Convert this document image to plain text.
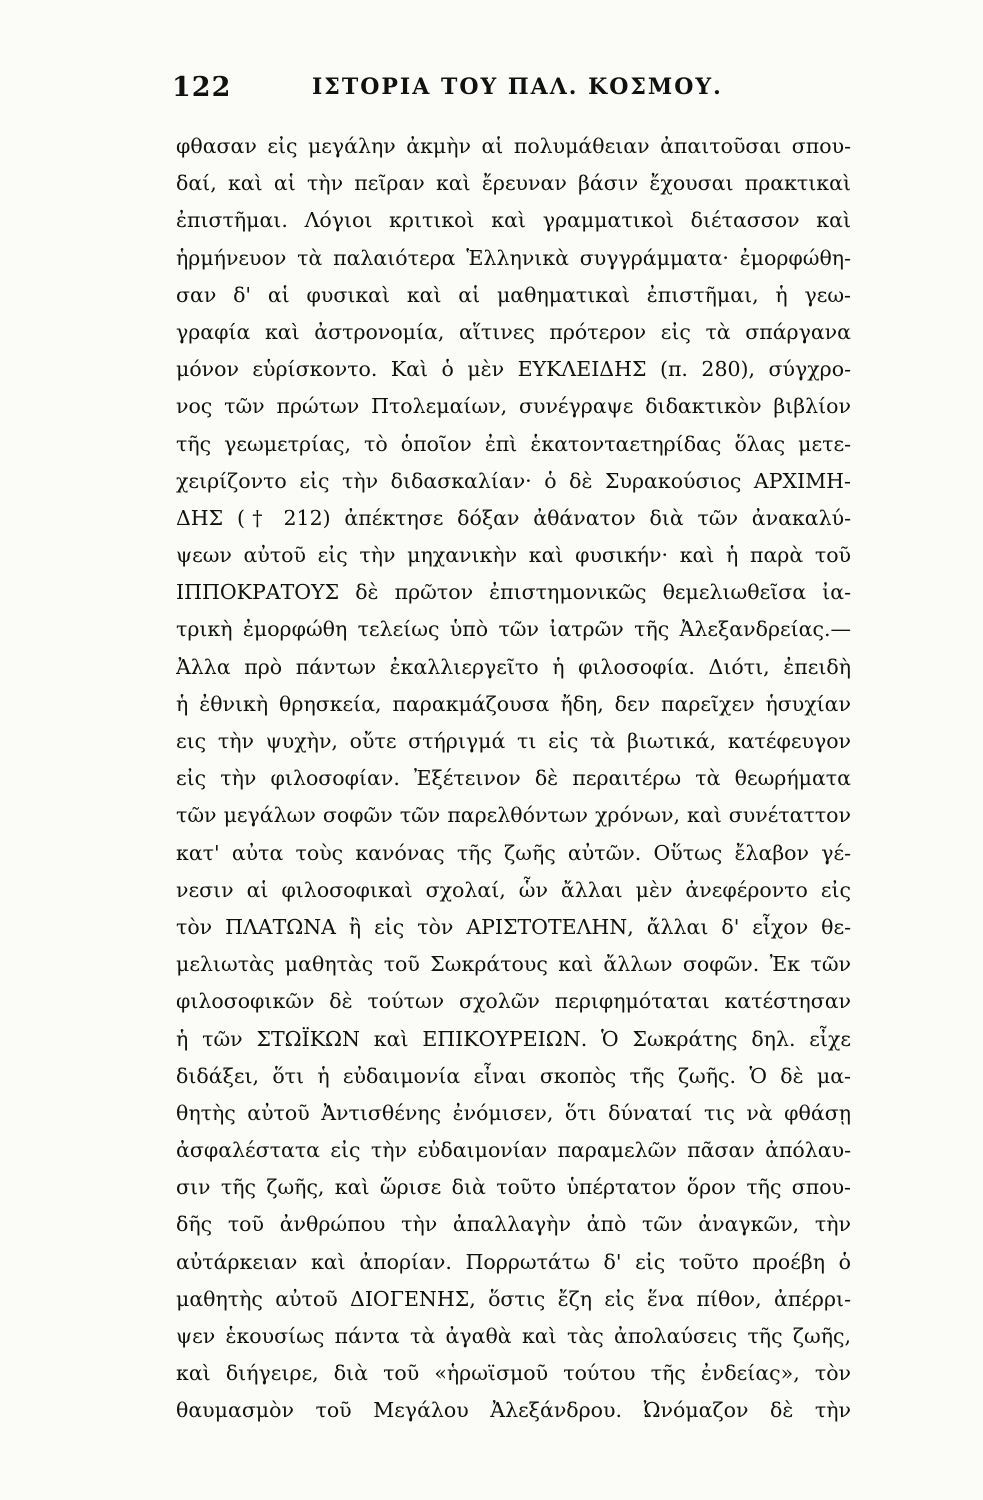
122	ΙΣΤΟΡΙΑ ΤΟΥ ΠΑΛ. ΚΟΣΜΟΥ.
φθασαν εἰς μεγάλην ἀκμὴν αἱ πολυμάθειαν ἀπαιτοῦσαι σπου-
δαί, καὶ αἱ τὴν πεῖραν καὶ ἔρευναν βάσιν ἔχουσαι πρακτικαὶ
ἐπιστῆμαι. Λόγιοι κριτικοὶ καὶ γραμματικοὶ διέτασσον καὶ
ἡρμήνευον τὰ παλαιότερα Ἑλληνικὰ συγγράμματα· ἐμορφώθη-
σαν δ' αἱ φυσικαὶ καὶ αἱ μαθηματικαὶ ἐπιστῆμαι, ἡ γεω-
γραφία καὶ ἀστρονομία, αἵτινες πρότερον εἰς τὰ σπάργανα
μόνον εὑρίσκοντο. Καὶ ὁ μὲν ΕΥΚΛΕΙΔΗΣ (π. 280), σύγχρο-
νος τῶν πρώτων Πτολεμαίων, συνέγραψε διδακτικὸν βιβλίον
τῆς γεωμετρίας, τὸ ὁποῖον ἐπὶ ἑκατονταετηρίδας ὅλας μετε-
χειρίζοντο εἰς τὴν διδασκαλίαν· ὁ δὲ Συρακούσιος ΑΡΧΙΜΗ-
ΔΗΣ († 212) ἀπέκτησε δόξαν ἀθάνατον διὰ τῶν ἀνακαλύ-
ψεων αὐτοῦ εἰς τὴν μηχανικὴν καὶ φυσικήν· καὶ ἡ παρὰ τοῦ
ΙΠΠΟΚΡΑΤΟΥΣ δὲ πρῶτον ἐπιστημονικῶς θεμελιωθεῖσα ἰα-
τρικὴ ἐμορφώθη τελείως ὑπὸ τῶν ἰατρῶν τῆς Ἀλεξανδρείας.—
Ἀλλα πρὸ πάντων ἐκαλλιεργεῖτο ἡ φιλοσοφία. Διότι, ἐπειδὴ
ἡ ἐθνικὴ θρησκεία, παρακμάζουσα ἤδη, δεν παρεῖχεν ἡσυχίαν
εις τὴν ψυχὴν, οὔτε στήριγμά τι εἰς τὰ βιωτικά, κατέφευγον
εἰς τὴν φιλοσοφίαν. Ἐξέτεινον δὲ περαιτέρω τὰ θεωρήματα
τῶν μεγάλων σοφῶν τῶν παρελθόντων χρόνων, καὶ συνέταττον
κατ' αὐτα τοὺς κανόνας τῆς ζωῆς αὐτῶν. Οὕτως ἔλαβον γέ-
νεσιν αἱ φιλοσοφικαὶ σχολαί, ὧν ἄλλαι μὲν ἀνεφέροντο εἰς
τὸν ΠΛΑΤΩΝΑ ἢ εἰς τὸν ΑΡΙΣΤΟΤΕΛΗΝ, ἄλλαι δ' εἶχον θε-
μελιωτὰς μαθητὰς τοῦ Σωκράτους καὶ ἄλλων σοφῶν. Ἐκ τῶν
φιλοσοφικῶν δὲ τούτων σχολῶν περιφημόταται κατέστησαν
ἡ τῶν ΣΤΩΪΚΩΝ καὶ ΕΠΙΚΟΥΡΕΙΩΝ. Ὁ Σωκράτης δηλ. εἶχε
διδάξει, ὅτι ἡ εὐδαιμονία εἶναι σκοπὸς τῆς ζωῆς. Ὁ δὲ μα-
θητὴς αὐτοῦ Ἀντισθένης ἐνόμισεν, ὅτι δύναταί τις νὰ φθάσῃ
ἀσφαλέστατα εἰς τὴν εὐδαιμονίαν παραμελῶν πᾶσαν ἀπόλαυ-
σιν τῆς ζωῆς, καὶ ὥρισε διὰ τοῦτο ὑπέρτατον ὅρον τῆς σπου-
δῆς τοῦ ἀνθρώπου τὴν ἀπαλλαγὴν ἀπὸ τῶν ἀναγκῶν, τὴν
αὐτάρκειαν καὶ ἀπορίαν. Πορρωτάτω δ' εἰς τοῦτο προέβη ὁ
μαθητὴς αὐτοῦ ΔΙΟΓΕΝΗΣ, ὅστις ἔζη εἰς ἕνα πίθον, ἀπέρρι-
ψεν ἑκουσίως πάντα τὰ ἀγαθὰ καὶ τὰς ἀπολαύσεις τῆς ζωῆς,
καὶ διήγειρε, διὰ τοῦ «ἡρωϊσμοῦ τούτου τῆς ἐνδείας», τὸν
θαυμασμὸν τοῦ Μεγάλου Ἀλεξάνδρου. Ὠνόμαζον δὲ τὴν
